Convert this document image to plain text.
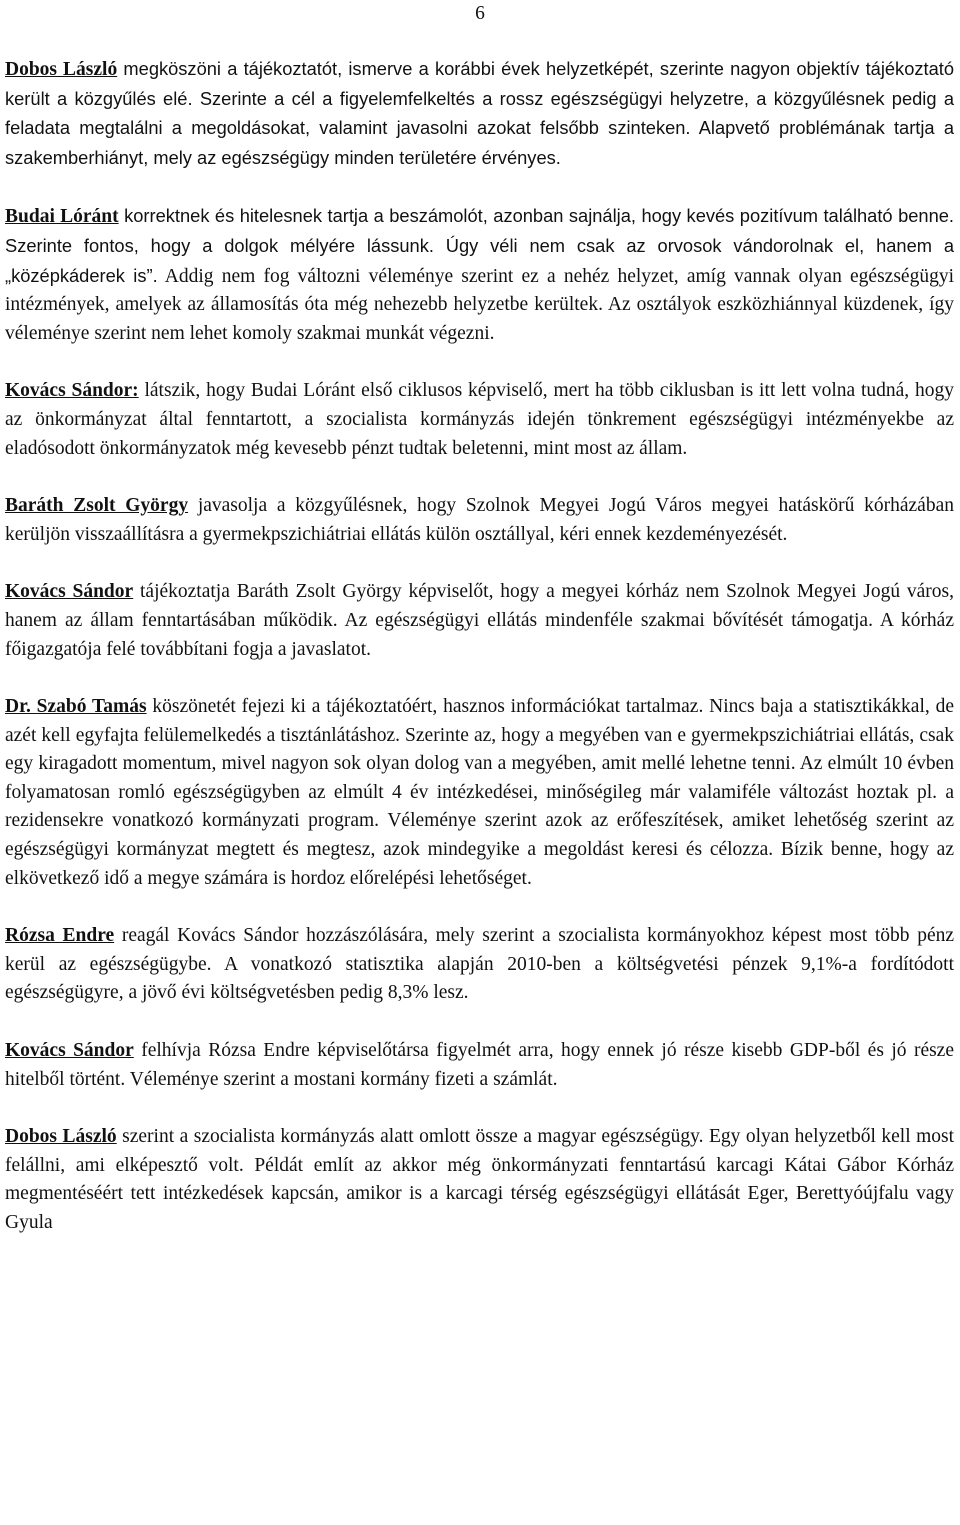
6

Dobos László megköszöni a tájékoztatót, ismerve a korábbi évek helyzetképét, szerinte nagyon objektív tájékoztató került a közgyűlés elé. Szerinte a cél a figyelemfelkeltés a rossz egészségügyi helyzetre, a közgyűlésnek pedig a feladata megtalálni a megoldásokat, valamint javasolni azokat felsőbb szinteken. Alapvető problémának tartja a szakemberhiányt, mely az egészségügy minden területére érvényes.

Budai Lóránt korrektnek és hitelesnek tartja a beszámolót, azonban sajnálja, hogy kevés pozitívum található benne. Szerinte fontos, hogy a dolgok mélyére lássunk. Úgy véli nem csak az orvosok vándorolnak el, hanem a „középkáderek is”. Addig nem fog változni véleménye szerint ez a nehéz helyzet, amíg vannak olyan egészségügyi intézmények, amelyek az államosítás óta még nehezebb helyzetbe kerültek. Az osztályok eszközhiánnyal küzdenek, így véleménye szerint nem lehet komoly szakmai munkát végezni.

Kovács Sándor: látszik, hogy Budai Lóránt első ciklusos képviselő, mert ha több ciklusban is itt lett volna tudná, hogy az önkormányzat által fenntartott, a szocialista kormányzás idején tönkrement egészségügyi intézményekbe az eladósodott önkormányzatok még kevesebb pénzt tudtak beletenni, mint most az állam.

Baráth Zsolt György javasolja a közgyűlésnek, hogy Szolnok Megyei Jogú Város megyei hatáskörű kórházában kerüljön visszaállításra a gyermekpszichiátriai ellátás külön osztállyal, kéri ennek kezdeményezését.

Kovács Sándor tájékoztatja Baráth Zsolt György képviselőt, hogy a megyei kórház nem Szolnok Megyei Jogú város, hanem az állam fenntartásában működik. Az egészségügyi ellátás mindenféle szakmai bővítését támogatja. A kórház főigazgatója felé továbbítani fogja a javaslatot.

Dr. Szabó Tamás köszönetét fejezi ki a tájékoztatóért, hasznos információkat tartalmaz. Nincs baja a statisztikákkal, de azét kell egyfajta felülemelkedés a tisztánlátáshoz. Szerinte az, hogy a megyében van e gyermekpszichiátriai ellátás, csak egy kiragadott momentum, mivel nagyon sok olyan dolog van a megyében, amit mellé lehetne tenni. Az elmúlt 10 évben folyamatosan romló egészségügyben az elmúlt 4 év intézkedései, minőségileg már valamiféle változást hoztak pl. a rezidensekre vonatkozó kormányzati program. Véleménye szerint azok az erőfeszítések, amiket lehetőség szerint az egészségügyi kormányzat megtett és megtesz, azok mindegyike a megoldást keresi és célozza. Bízik benne, hogy az elkövetkező idő a megye számára is hordoz előrelépési lehetőséget.

Rózsa Endre reagál Kovács Sándor hozzászólására, mely szerint a szocialista kormányokhoz képest most több pénz kerül az egészségügybe. A vonatkozó statisztika alapján 2010-ben a költségvetési pénzek 9,1%-a fordítódott egészségügyre, a jövő évi költségvetésben pedig 8,3% lesz.

Kovács Sándor felhívja Rózsa Endre képviselőtársa figyelmét arra, hogy ennek jó része kisebb GDP-ből és jó része hitelből történt. Véleménye szerint a mostani kormány fizeti a számlát.

Dobos László szerint a szocialista kormányzás alatt omlott össze a magyar egészségügy. Egy olyan helyzetből kell most felállni, ami elképesztő volt. Példát említ az akkor még önkormányzati fenntartású karcagi Kátai Gábor Kórház megmentéséért tett intézkedések kapcsán, amikor is a karcagi térség egészségügyi ellátását Eger, Berettyóújfalu vagy Gyula
